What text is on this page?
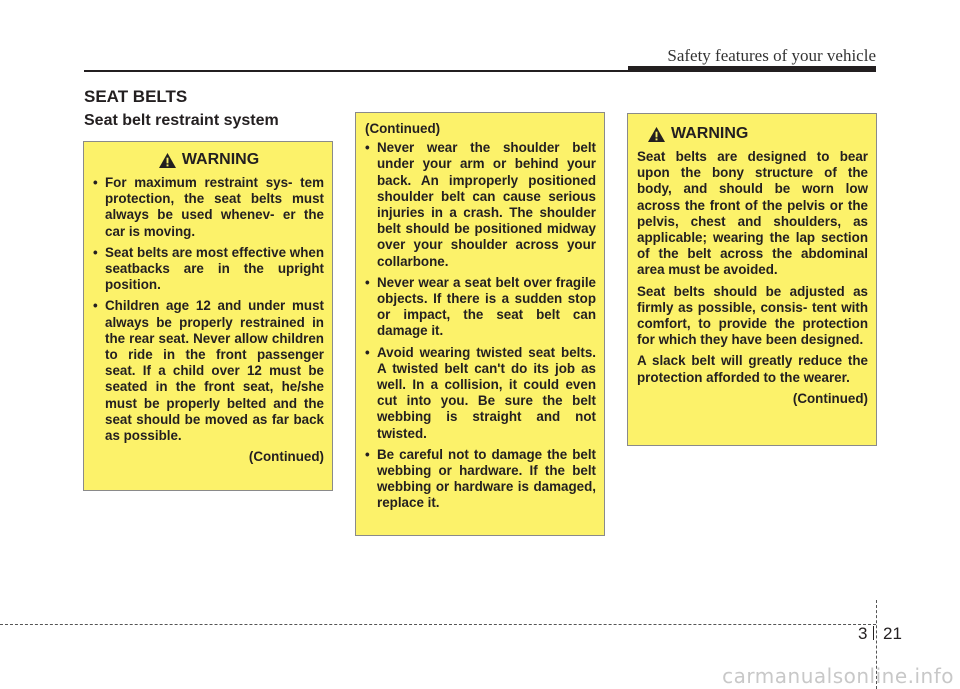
Safety features of your vehicle
SEAT BELTS
Seat belt restraint system
WARNING
• For maximum restraint sys- tem protection, the seat belts must always be used whenev- er the car is moving.
• Seat belts are most effective when seatbacks are in the upright position.
• Children age 12 and under must always be properly restrained in the rear seat. Never allow children to ride in the front passenger seat. If a child over 12 must be seated in the front seat, he/she must be properly belted and the seat should be moved as far back as possible.
(Continued)
(Continued)
• Never wear the shoulder belt under your arm or behind your back. An improperly positioned shoulder belt can cause serious injuries in a crash. The shoulder belt should be positioned midway over your shoulder across your collarbone.
• Never wear a seat belt over fragile objects. If there is a sudden stop or impact, the seat belt can damage it.
• Avoid wearing twisted seat belts. A twisted belt can't do its job as well. In a collision, it could even cut into you. Be sure the belt webbing is straight and not twisted.
• Be careful not to damage the belt webbing or hardware. If the belt webbing or hardware is damaged, replace it.
WARNING

Seat belts are designed to bear upon the bony structure of the body, and should be worn low across the front of the pelvis or the pelvis, chest and shoulders, as applicable; wearing the lap section of the belt across the abdominal area must be avoided.

Seat belts should be adjusted as firmly as possible, consis- tent with comfort, to provide the protection for which they have been designed.

A slack belt will greatly reduce the protection afforded to the wearer.

(Continued)
3 21
carmanualsonline.info
